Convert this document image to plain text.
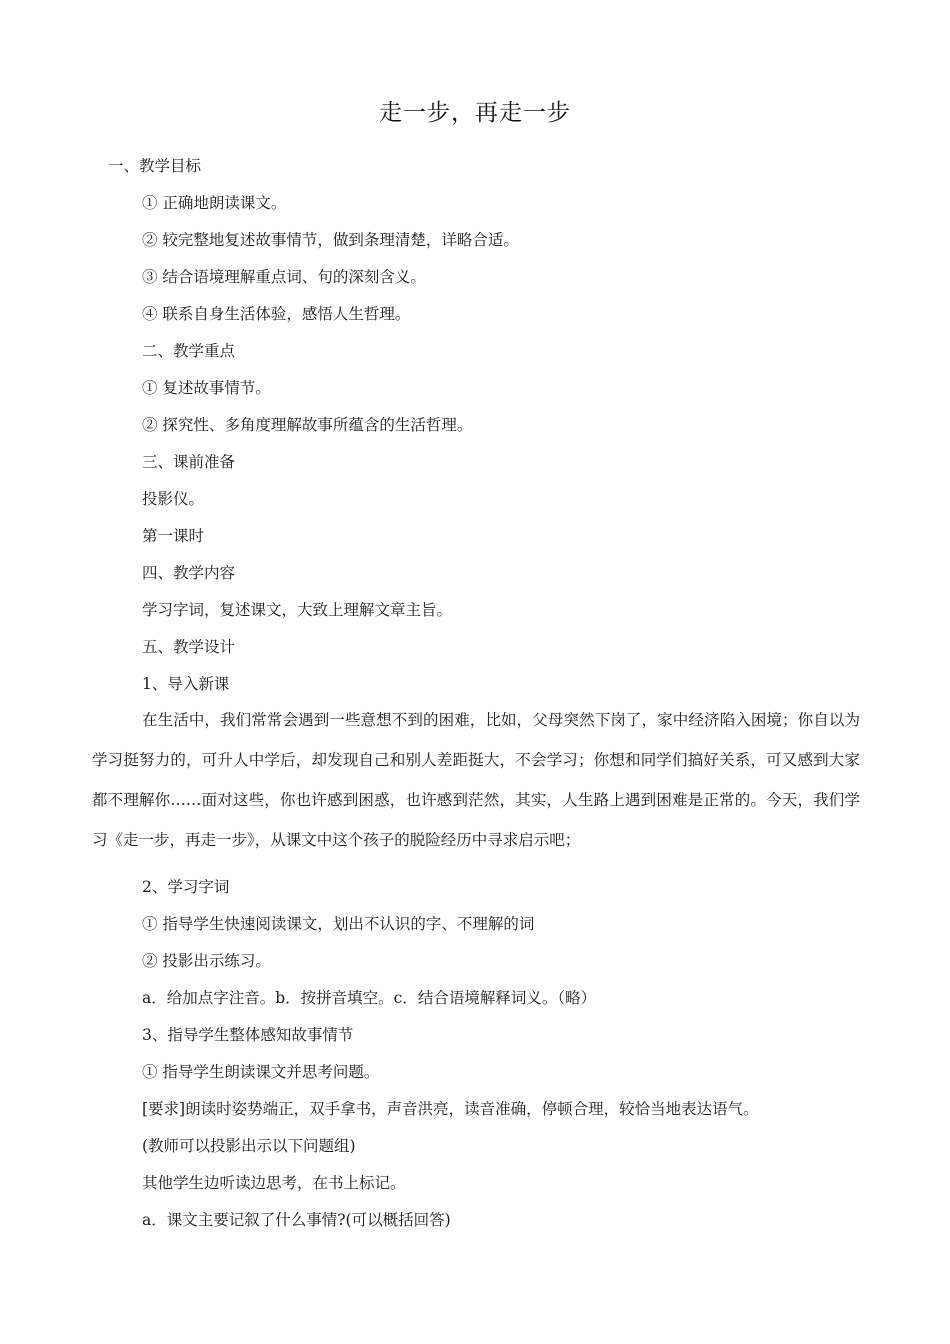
走一步，再走一步
一、教学目标
① 正确地朗读课文。
② 较完整地复述故事情节，做到条理清楚，详略合适。
③ 结合语境理解重点词、句的深刻含义。
④ 联系自身生活体验，感悟人生哲理。
二、教学重点
① 复述故事情节。
② 探究性、多角度理解故事所蕴含的生活哲理。
三、课前准备
投影仪。
第一课时
四、教学内容
学习字词，复述课文，大致上理解文章主旨。
五、教学设计
1、导入新课
在生活中，我们常常会遇到一些意想不到的困难，比如，父母突然下岗了，家中经济陷入困境；你自以为学习挺努力的，可升人中学后，却发现自己和别人差距挺大，不会学习；你想和同学们搞好关系，可又感到大家都不理解你……面对这些，你也许感到困惑，也许感到茫然，其实，人生路上遇到困难是正常的。今天，我们学习《走一步，再走一步》，从课文中这个孩子的脱险经历中寻求启示吧；
2、学习字词
① 指导学生快速阅读课文，划出不认识的字、不理解的词
② 投影出示练习。
a．给加点字注音。b．按拼音填空。c．结合语境解释词义。（略）
3、指导学生整体感知故事情节
① 指导学生朗读课文并思考问题。
[要求]朗读时姿势端正，双手拿书，声音洪亮，读音准确，停顿合理，较恰当地表达语气。
(教师可以投影出示以下问题组)
其他学生边听读边思考，在书上标记。
a．课文主要记叙了什么事情?(可以概括回答)
